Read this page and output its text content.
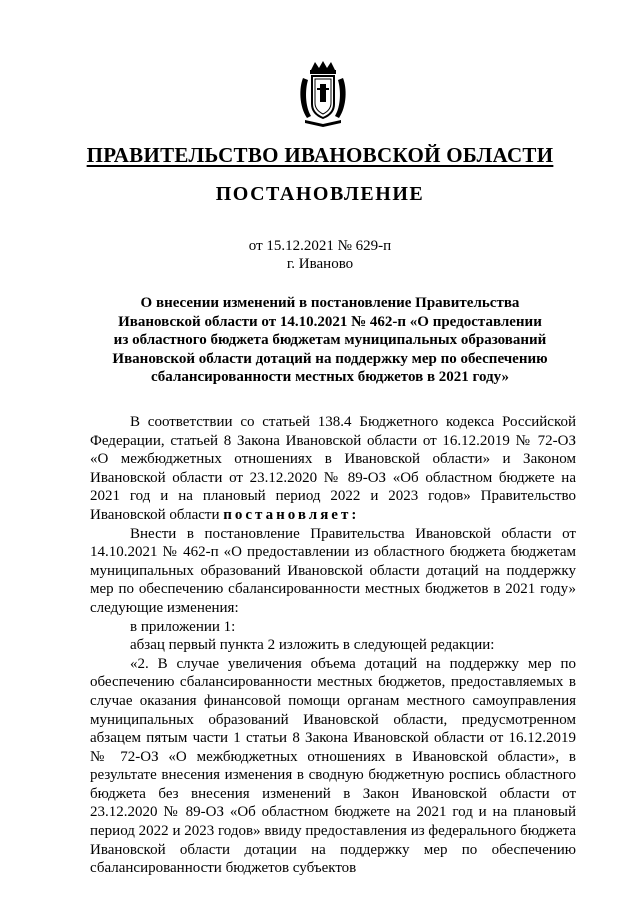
ПРАВИТЕЛЬСТВО ИВАНОВСКОЙ ОБЛАСТИ
ПОСТАНОВЛЕНИЕ
от 15.12.2021 № 629-п
г. Иваново
О внесении изменений в постановление Правительства
Ивановской области от 14.10.2021 № 462-п «О предоставлении
из областного бюджета бюджетам муниципальных образований
Ивановской области дотаций на поддержку мер по обеспечению
сбалансированности местных бюджетов в 2021 году»

В соответствии со статьей 138.4 Бюджетного кодекса Российской Федерации, статьей 8 Закона Ивановской области от 16.12.2019 № 72-ОЗ «О межбюджетных отношениях в Ивановской области» и Законом Ивановской области от 23.12.2020 № 89-ОЗ «Об областном бюджете на 2021 год и на плановый период 2022 и 2023 годов» Правительство Ивановской области постановляет:

Внести в постановление Правительства Ивановской области от 14.10.2021 № 462-п «О предоставлении из областного бюджета бюджетам муниципальных образований Ивановской области дотаций на поддержку мер по обеспечению сбалансированности местных бюджетов в 2021 году» следующие изменения:

в приложении 1:

абзац первый пункта 2 изложить в следующей редакции:

«2. В случае увеличения объема дотаций на поддержку мер по обеспечению сбалансированности местных бюджетов, предоставляемых в случае оказания финансовой помощи органам местного самоуправления муниципальных образований Ивановской области, предусмотренном абзацем пятым части 1 статьи 8 Закона Ивановской области от 16.12.2019 № 72-ОЗ «О межбюджетных отношениях в Ивановской области», в результате внесения изменения в сводную бюджетную роспись областного бюджета без внесения изменений в Закон Ивановской области от 23.12.2020 № 89-ОЗ «Об областном бюджете на 2021 год и на плановый период 2022 и 2023 годов» ввиду предоставления из федерального бюджета Ивановской области дотации на поддержку мер по обеспечению сбалансированности бюджетов субъектов
